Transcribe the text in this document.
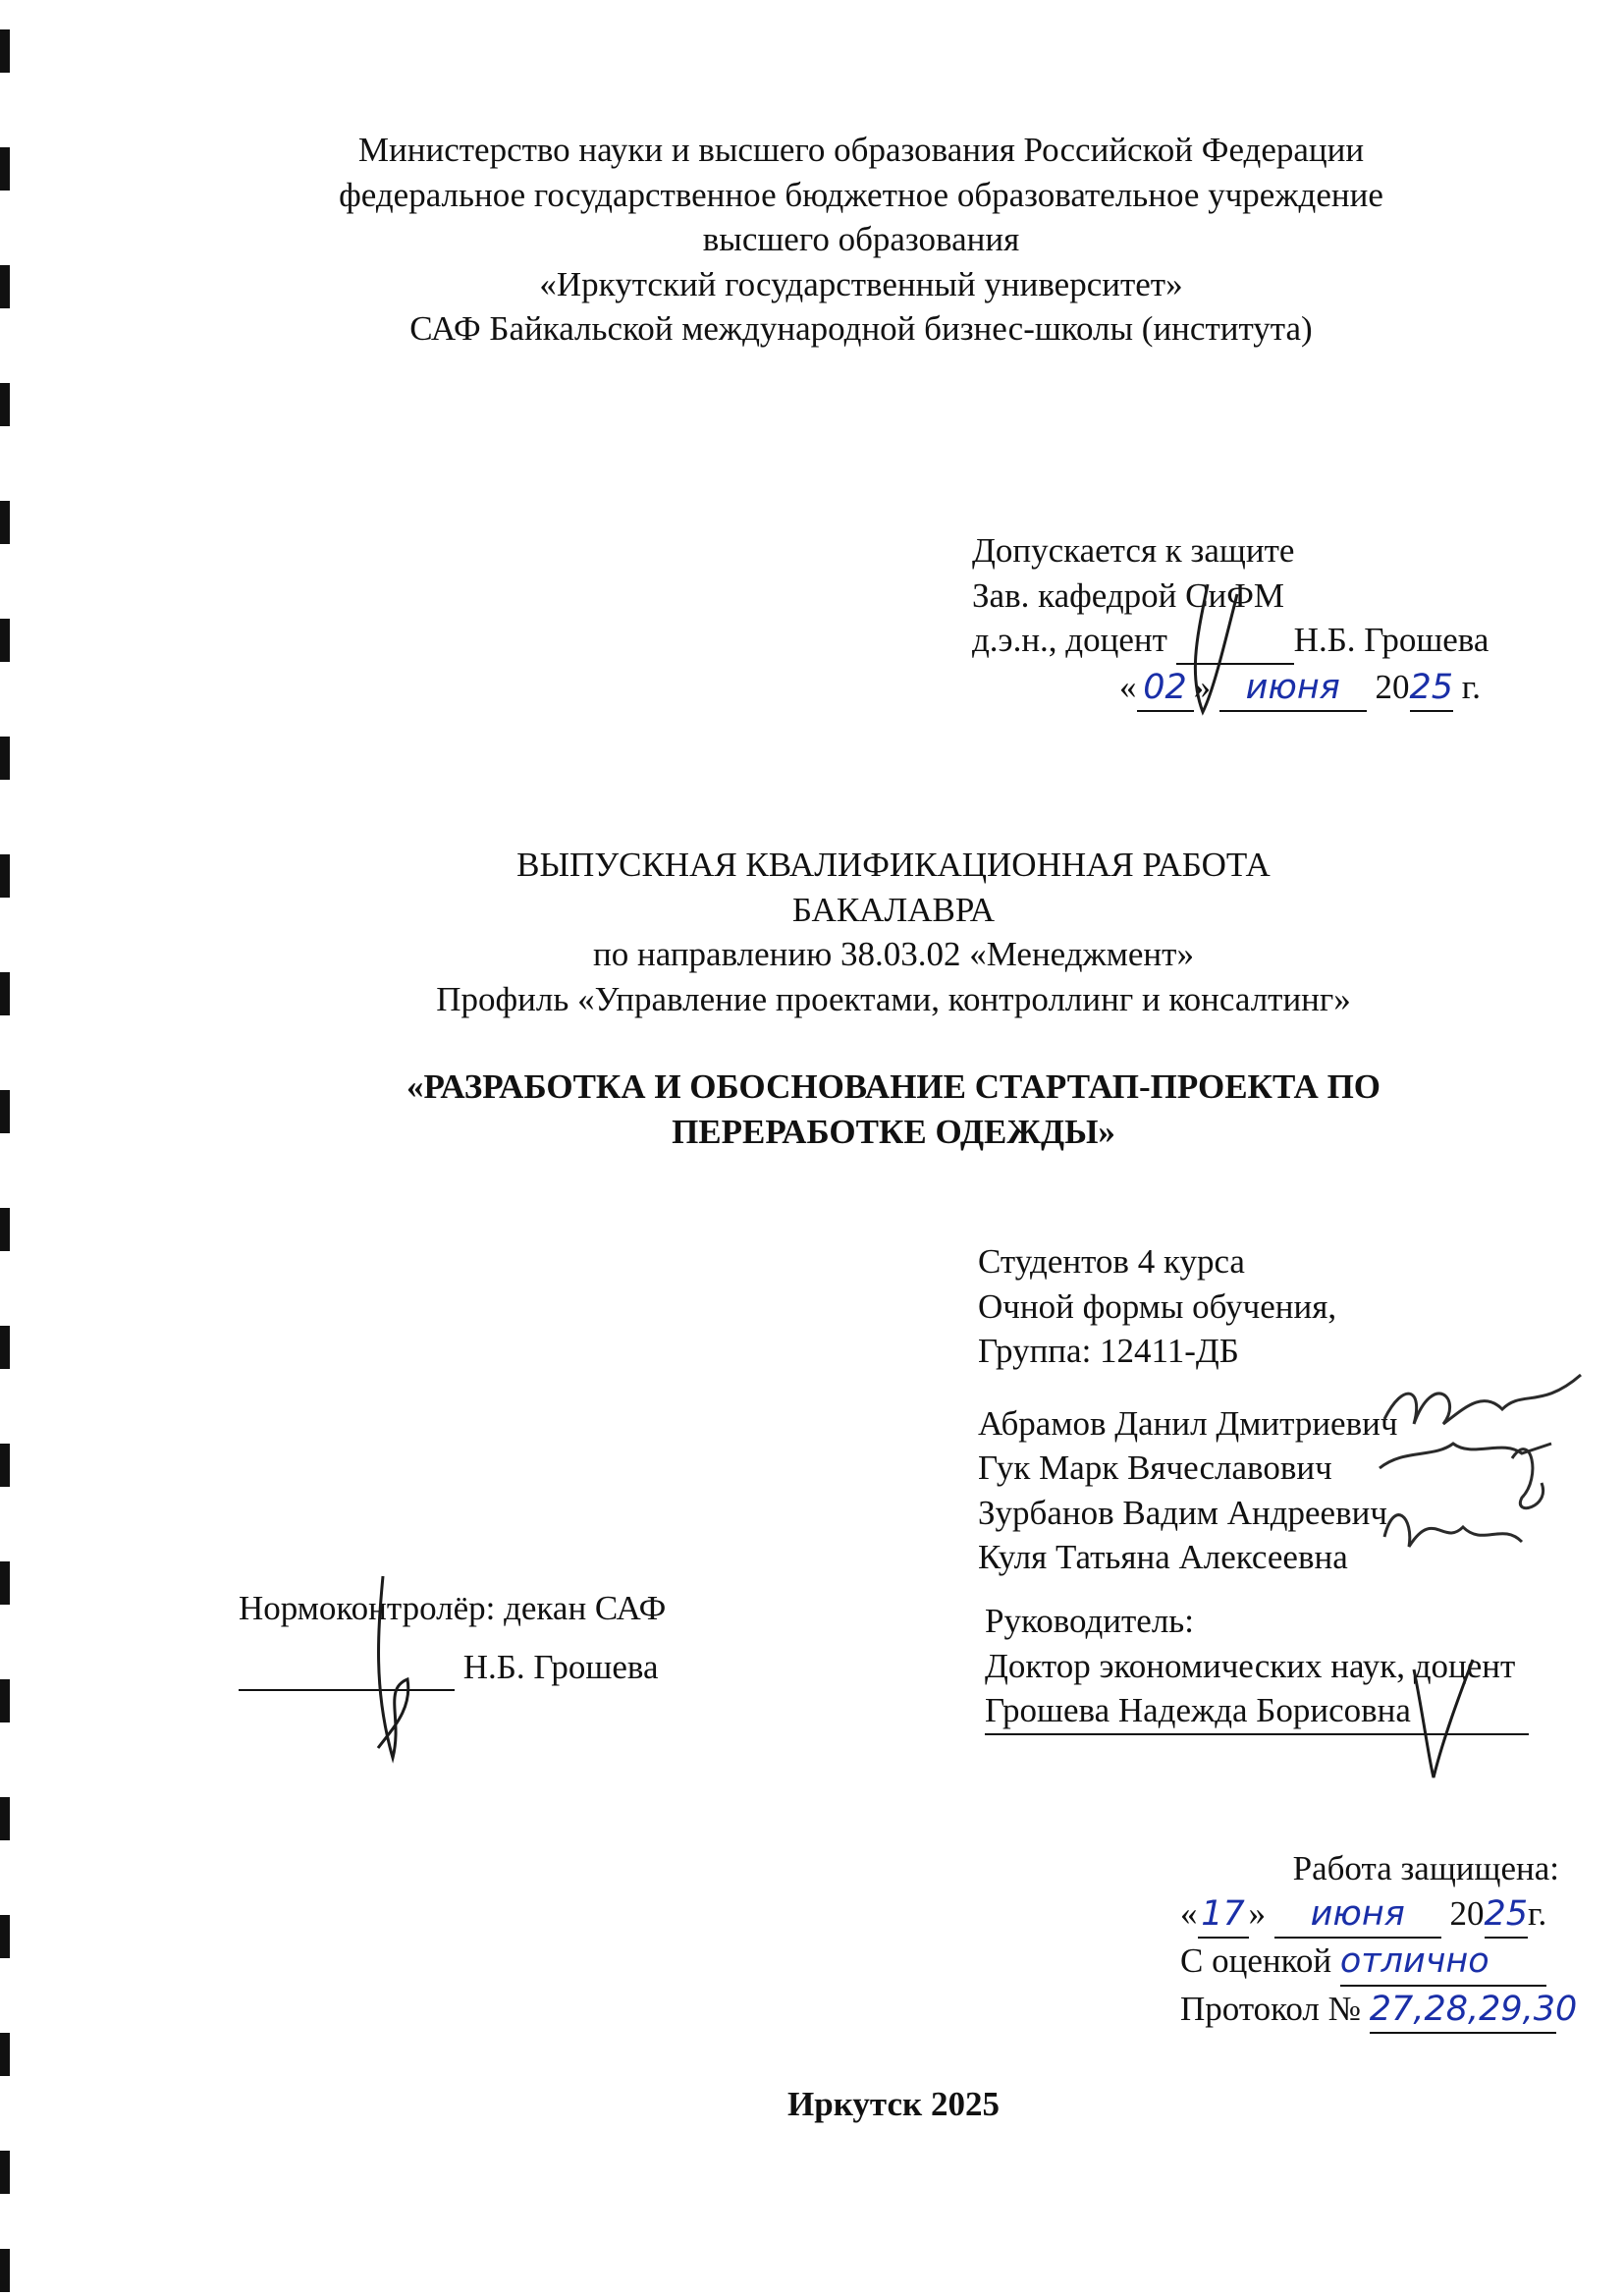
Министерство науки и высшего образования Российской Федерации
федеральное государственное бюджетное образовательное учреждение
высшего образования
«Иркутский государственный университет»
САФ Байкальской международной бизнес-школы (института)
Допускается к защите
Зав. кафедрой СиФМ
д.э.н., доцент	Н.Б. Грошева
« 02 » июня 2025 г.
ВЫПУСКНАЯ КВАЛИФИКАЦИОННАЯ РАБОТА
БАКАЛАВРА
по направлению 38.03.02 «Менеджмент»
Профиль «Управление проектами, контроллинг и консалтинг»
«РАЗРАБОТКА И ОБОСНОВАНИЕ СТАРТАП-ПРОЕКТА ПО
ПЕРЕРАБОТКЕ ОДЕЖДЫ»
Студентов 4 курса
Очной формы обучения,
Группа: 12411-ДБ
Абрамов Данил Дмитриевич
Гук Марк Вячеславович
Зурбанов Вадим Андреевич
Куля Татьяна Алексеевна
Нормоконтролёр: декан САФ
Н.Б. Грошева
Руководитель:
Доктор экономических наук, доцент
Грошева Надежда Борисовна
Работа защищена:
« 17 » июня 2025г.
С оценкой отлично
Протокол № 27,28,29,30
Иркутск 2025
